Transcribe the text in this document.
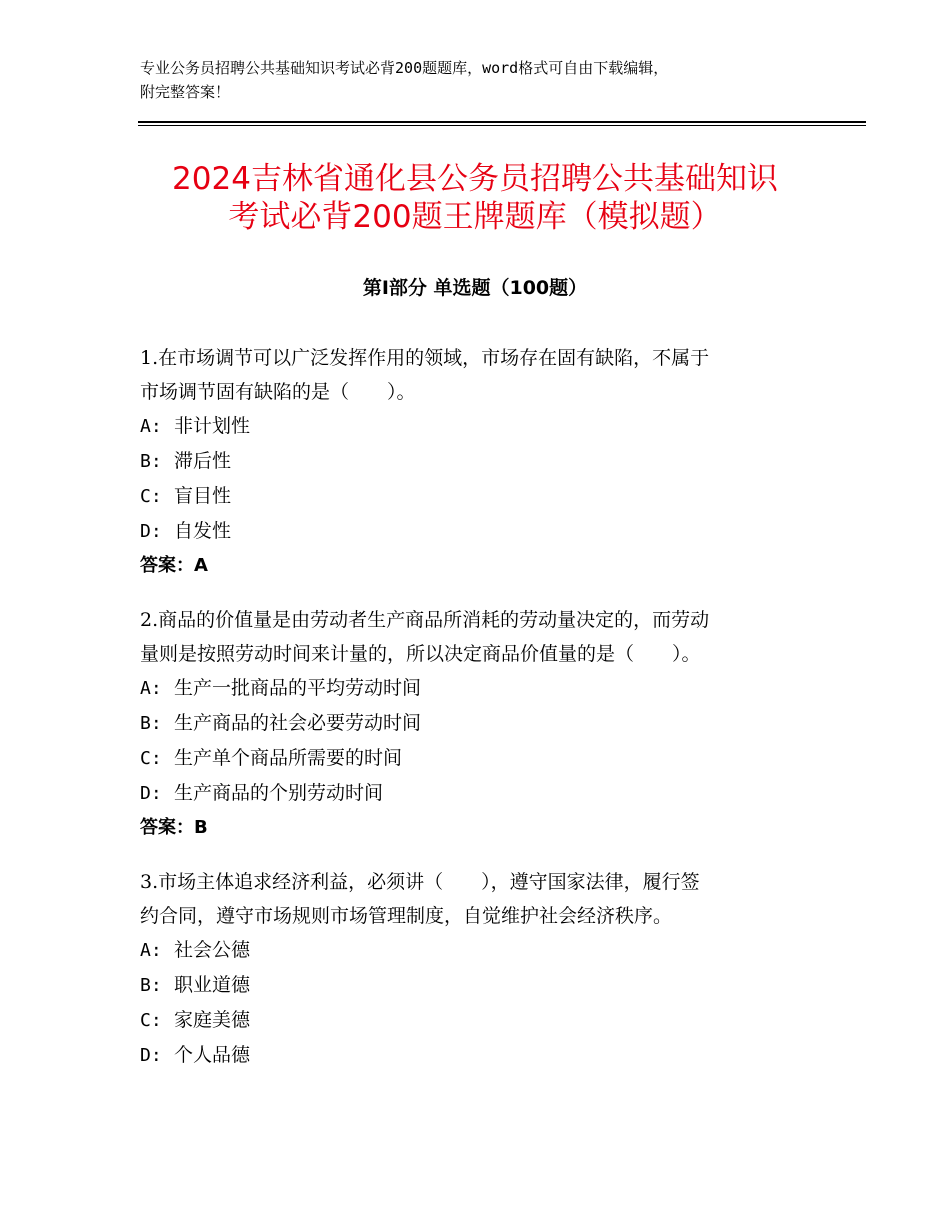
专业公务员招聘公共基础知识考试必背200题题库，word格式可自由下载编辑，
附完整答案！
2024吉林省通化县公务员招聘公共基础知识
考试必背200题王牌题库（模拟题）
第Ⅰ部分 单选题（100题）
1.在市场调节可以广泛发挥作用的领域，市场存在固有缺陷，不属于
市场调节固有缺陷的是（　　）。
A: 非计划性
B: 滞后性
C: 盲目性
D: 自发性
答案：A
2.商品的价值量是由劳动者生产商品所消耗的劳动量决定的，而劳动
量则是按照劳动时间来计量的，所以决定商品价值量的是（　　）。
A: 生产一批商品的平均劳动时间
B: 生产商品的社会必要劳动时间
C: 生产单个商品所需要的时间
D: 生产商品的个别劳动时间
答案：B
3.市场主体追求经济利益，必须讲（　　），遵守国家法律，履行签
约合同，遵守市场规则市场管理制度，自觉维护社会经济秩序。
A: 社会公德
B: 职业道德
C: 家庭美德
D: 个人品德
